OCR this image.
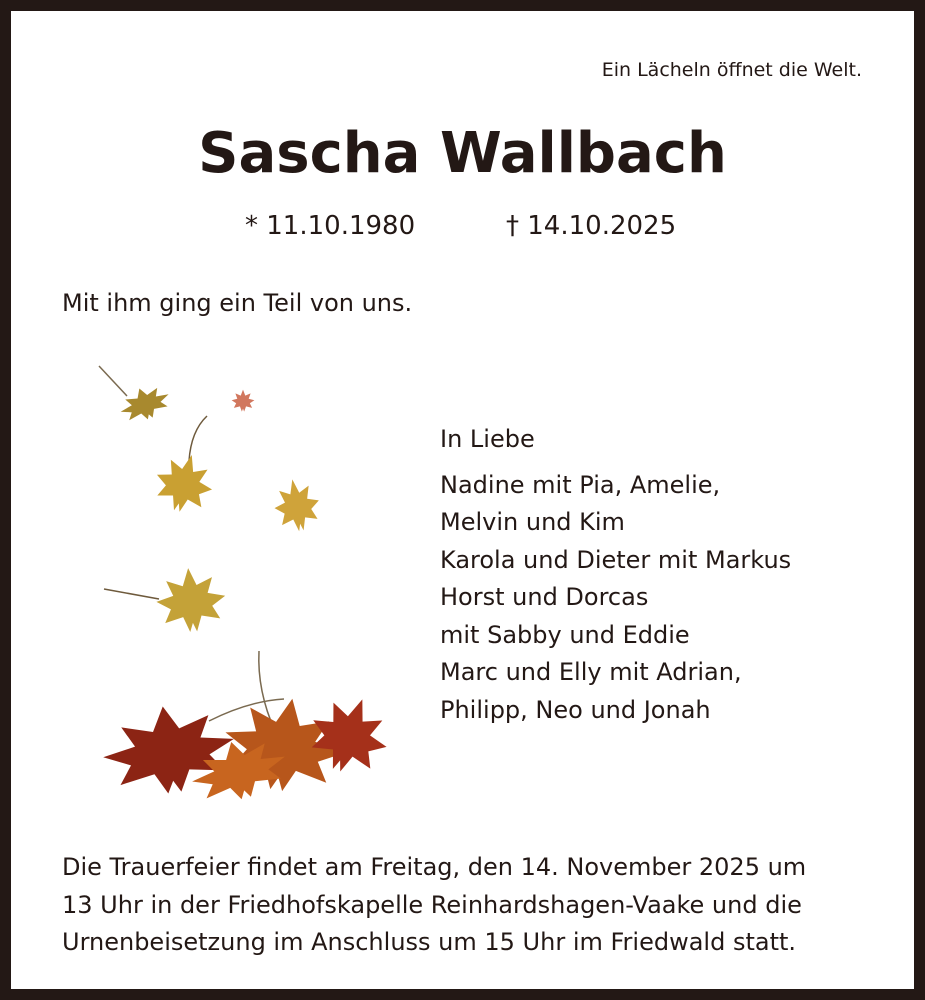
Ein Lächeln öffnet die Welt.
Sascha Wallbach
* 11.10.1980	† 14.10.2025
Mit ihm ging ein Teil von uns.
In Liebe
Nadine mit Pia, Amelie,
Melvin und Kim
Karola und Dieter mit Markus
Horst und Dorcas
mit Sabby und Eddie
Marc und Elly mit Adrian,
Philipp, Neo und Jonah
Die Trauerfeier findet am Freitag, den 14. November 2025 um
13 Uhr in der Friedhofskapelle Reinhardshagen-Vaake und die
Urnenbeisetzung im Anschluss um 15 Uhr im Friedwald statt.
